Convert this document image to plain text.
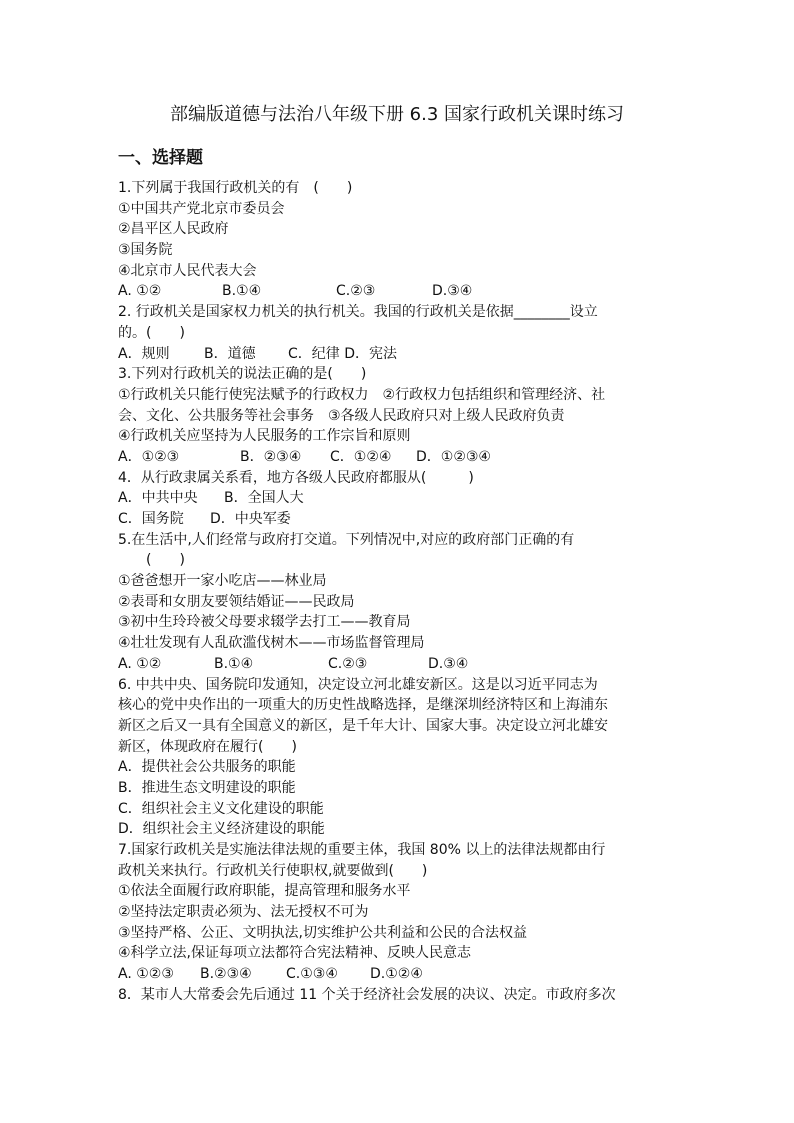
部编版道德与法治八年级下册 6.3 国家行政机关课时练习
一、选择题
1.下列属于我国行政机关的有　(　　)
①中国共产党北京市委员会
②昌平区人民政府
③国务院
④北京市人民代表大会
A. ①②	B.①④	C.②③	D.③④
2. 行政机关是国家权力机关的执行机关。我国的行政机关是依据________设立
的。(　　)
A．规则	B．道德	C．纪律 D．宪法
3.下列对行政机关的说法正确的是(　　)
①行政机关只能行使宪法赋予的行政权力　②行政权力包括组织和管理经济、社
会、文化、公共服务等社会事务　③各级人民政府只对上级人民政府负责
④行政机关应坚持为人民服务的工作宗旨和原则
A．①②③	B．②③④	C．①②④	D．①②③④
4．从行政隶属关系看，地方各级人民政府都服从(　　　)
A．中共中央	B．全国人大
C．国务院	D．中央军委
5.在生活中,人们经常与政府打交道。下列情况中,对应的政府部门正确的有
(　　)
①爸爸想开一家小吃店——林业局
②表哥和女朋友要领结婚证——民政局
③初中生玲玲被父母要求辍学去打工——教育局
④壮壮发现有人乱砍滥伐树木——市场监督管理局
A. ①②	B.①④	C.②③	D.③④
6. 中共中央、国务院印发通知，决定设立河北雄安新区。这是以习近平同志为
核心的党中央作出的一项重大的历史性战略选择，是继深圳经济特区和上海浦东
新区之后又一具有全国意义的新区，是千年大计、国家大事。决定设立河北雄安
新区，体现政府在履行(　　)
A．提供社会公共服务的职能
B．推进生态文明建设的职能
C．组织社会主义文化建设的职能
D．组织社会主义经济建设的职能
7.国家行政机关是实施法律法规的重要主体，我国 80% 以上的法律法规都由行
政机关来执行。行政机关行使职权,就要做到(　　)
①依法全面履行政府职能，提高管理和服务水平
②坚持法定职责必须为、法无授权不可为
③坚持严格、公正、文明执法,切实维护公共利益和公民的合法权益
④科学立法,保证每项立法都符合宪法精神、反映人民意志
A. ①②③	B.②③④	C.①③④	D.①②④
8．某市人大常委会先后通过 11 个关于经济社会发展的决议、决定。市政府多次
